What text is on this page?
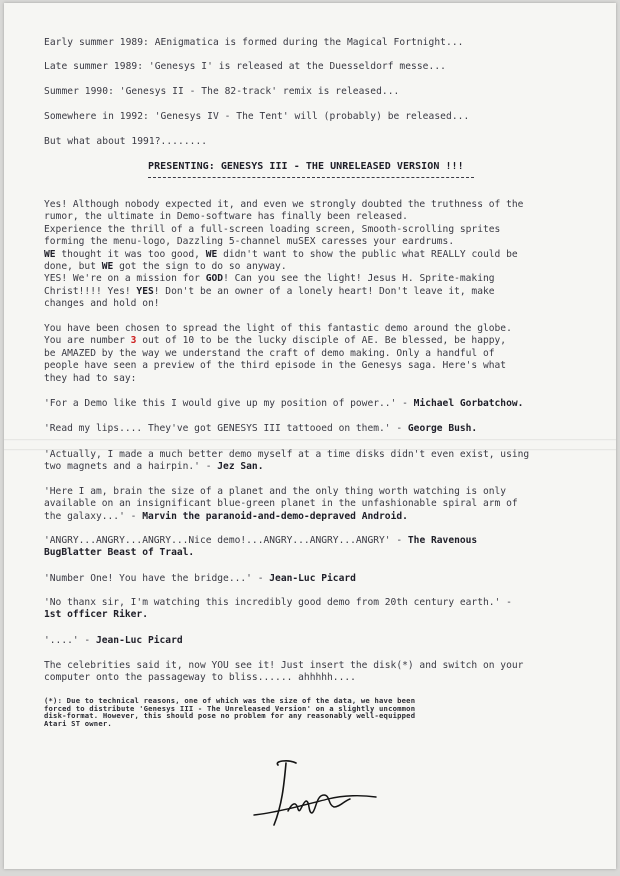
Early summer 1989: AEnigmatica is formed during the Magical Fortnight...
Late summer 1989: 'Genesys I' is released at the Duesseldorf messe...
Summer 1990: 'Genesys II - The 82-track' remix is released...
Somewhere in 1992: 'Genesys IV - The Tent' will (probably) be released...
But what about 1991?........
PRESENTING: GENESYS III - THE UNRELEASED VERSION !!!
Yes! Although nobody expected it, and even we strongly doubted the truthness of the
rumor, the ultimate in Demo-software has finally been released.
Experience the thrill of a full-screen loading screen, Smooth-scrolling sprites
forming the menu-logo, Dazzling 5-channel muSEX caresses your eardrums.
WE thought it was too good, WE didn't want to show the public what REALLY could be
done, but WE got the sign to do so anyway.
YES! We're on a mission for GOD! Can you see the light! Jesus H. Sprite-making
Christ!!!! Yes! YES! Don't be an owner of a lonely heart! Don't leave it, make
changes and hold on!
You have been chosen to spread the light of this fantastic demo around the globe.
You are number 3 out of 10 to be the lucky disciple of AE. Be blessed, be happy,
be AMAZED by the way we understand the craft of demo making. Only a handful of
people have seen a preview of the third episode in the Genesys saga. Here's what
they had to say:
'For a Demo like this I would give up my position of power..' - Michael Gorbatchow.
'Read my lips.... They've got GENESYS III tattooed on them.' - George Bush.
'Actually, I made a much better demo myself at a time disks didn't even exist, using
two magnets and a hairpin.' - Jez San.
'Here I am, brain the size of a planet and the only thing worth watching is only
available on an insignificant blue-green planet in the unfashionable spiral arm of
the galaxy...' - Marvin the paranoid-and-demo-depraved Android.
'ANGRY...ANGRY...ANGRY...Nice demo!...ANGRY...ANGRY...ANGRY' - The Ravenous
BugBlatter Beast of Traal.
'Number One! You have the bridge...' - Jean-Luc Picard
'No thanx sir, I'm watching this incredibly good demo from 20th century earth.' -
1st officer Riker.
'....' - Jean-Luc Picard
The celebrities said it, now YOU see it! Just insert the disk(*) and switch on your
computer onto the passageway to bliss...... ahhhhh....
(*): Due to technical reasons, one of which was the size of the data, we have been
forced to distribute 'Genesys III - The Unreleased Version' on a slightly uncommon
disk-format. However, this should pose no problem for any reasonably well-equipped
Atari ST owner.
